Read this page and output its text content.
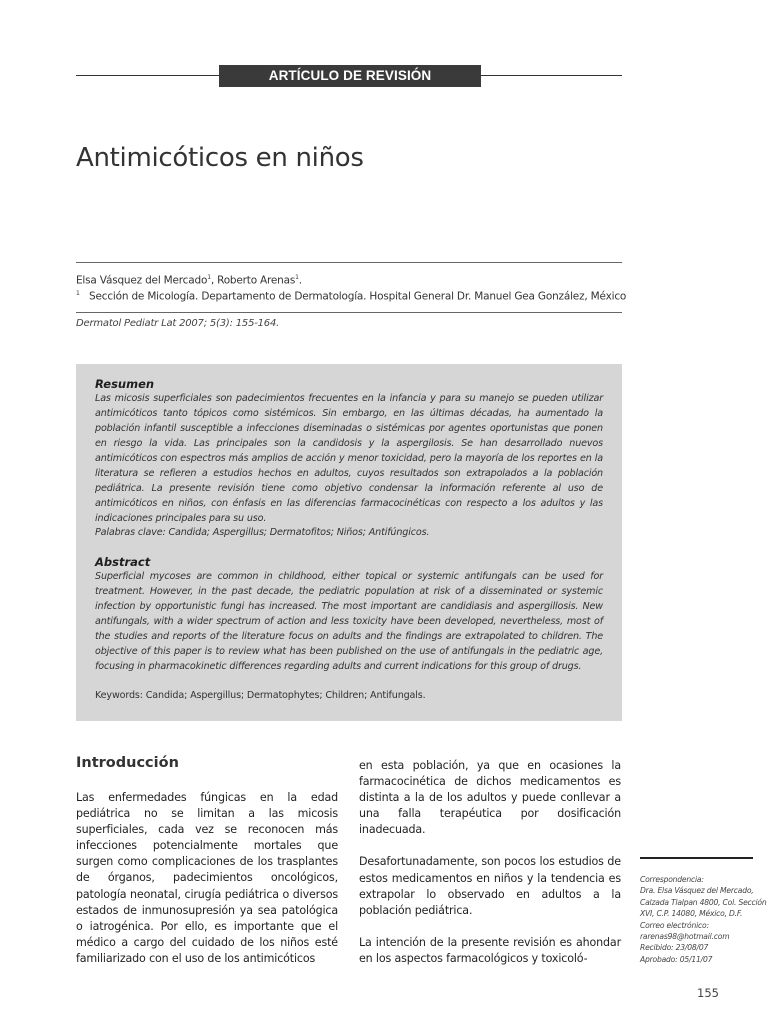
ARTÍCULO DE REVISIÓN
Antimicóticos en niños
Elsa Vásquez del Mercado$^1$, Roberto Arenas$^1$.
$^1$ Sección de Micología. Departamento de Dermatología. Hospital General Dr. Manuel Gea González, México
Dermatol Pediatr Lat 2007; 5(3): 155-164.

Resumen

Las micosis superficiales son padecimientos frecuentes en la infancia y para su manejo se pueden utilizar antimicóticos tanto tópicos como sistémicos. Sin embargo, en las últimas décadas, ha aumentado la población infantil susceptible a infecciones diseminadas o sistémicas por agentes oportunistas que ponen en riesgo la vida. Las principales son la candidosis y la aspergilosis. Se han desarrollado nuevos antimicóticos con espectros más amplios de acción y menor toxicidad, pero la mayoría de los reportes en la literatura se refieren a estudios hechos en adultos, cuyos resultados son extrapolados a la población pediátrica. La presente revisión tiene como objetivo condensar la información referente al uso de antimicóticos en niños, con énfasis en las diferencias farmacocinéticas con respecto a los adultos y las indicaciones principales para su uso.

Palabras clave: Candida; Aspergillus; Dermatofitos; Niños; Antifúngicos.

Abstract

Superficial mycoses are common in childhood, either topical or systemic antifungals can be used for treatment. However, in the past decade, the pediatric population at risk of a disseminated or systemic infection by opportunistic fungi has increased. The most important are candidiasis and aspergillosis. New antifungals, with a wider spectrum of action and less toxicity have been developed, nevertheless, most of the studies and reports of the literature focus on adults and the findings are extrapolated to children. The objective of this paper is to review what has been published on the use of antifungals in the pediatric age, focusing in pharmacokinetic differences regarding adults and current indications for this group of drugs.

Keywords: Candida; Aspergillus; Dermatophytes; Children; Antifungals.

Introducción

Las enfermedades fúngicas en la edad pediátrica no se limitan a las micosis superficiales, cada vez se reconocen más infecciones potencialmente mortales que surgen como complicaciones de los trasplantes de órganos, padecimientos oncológicos, patología neonatal, cirugía pediátrica o diversos estados de inmunosupresión ya sea patológica o iatrogénica. Por ello, es importante que el médico a cargo del cuidado de los niños esté familiarizado con el uso de los antimicóticos

en esta población, ya que en ocasiones la farmacocinética de dichos medicamentos es distinta a la de los adultos y puede conllevar a una falla terapéutica por dosificación inadecuada.

Desafortunadamente, son pocos los estudios de estos medicamentos en niños y la tendencia es extrapolar lo observado en adultos a la población pediátrica.

La intención de la presente revisión es ahondar en los aspectos farmacológicos y toxicoló-

Correspondencia:
Dra. Elsa Vásquez del Mercado,
Calzada Tlalpan 4800, Col. Sección
XVI, C.P. 14080, México, D.F.
Correo electrónico:
rarenas98@hotmail.com
Recibido: 23/08/07
Aprobado: 05/11/07
155
